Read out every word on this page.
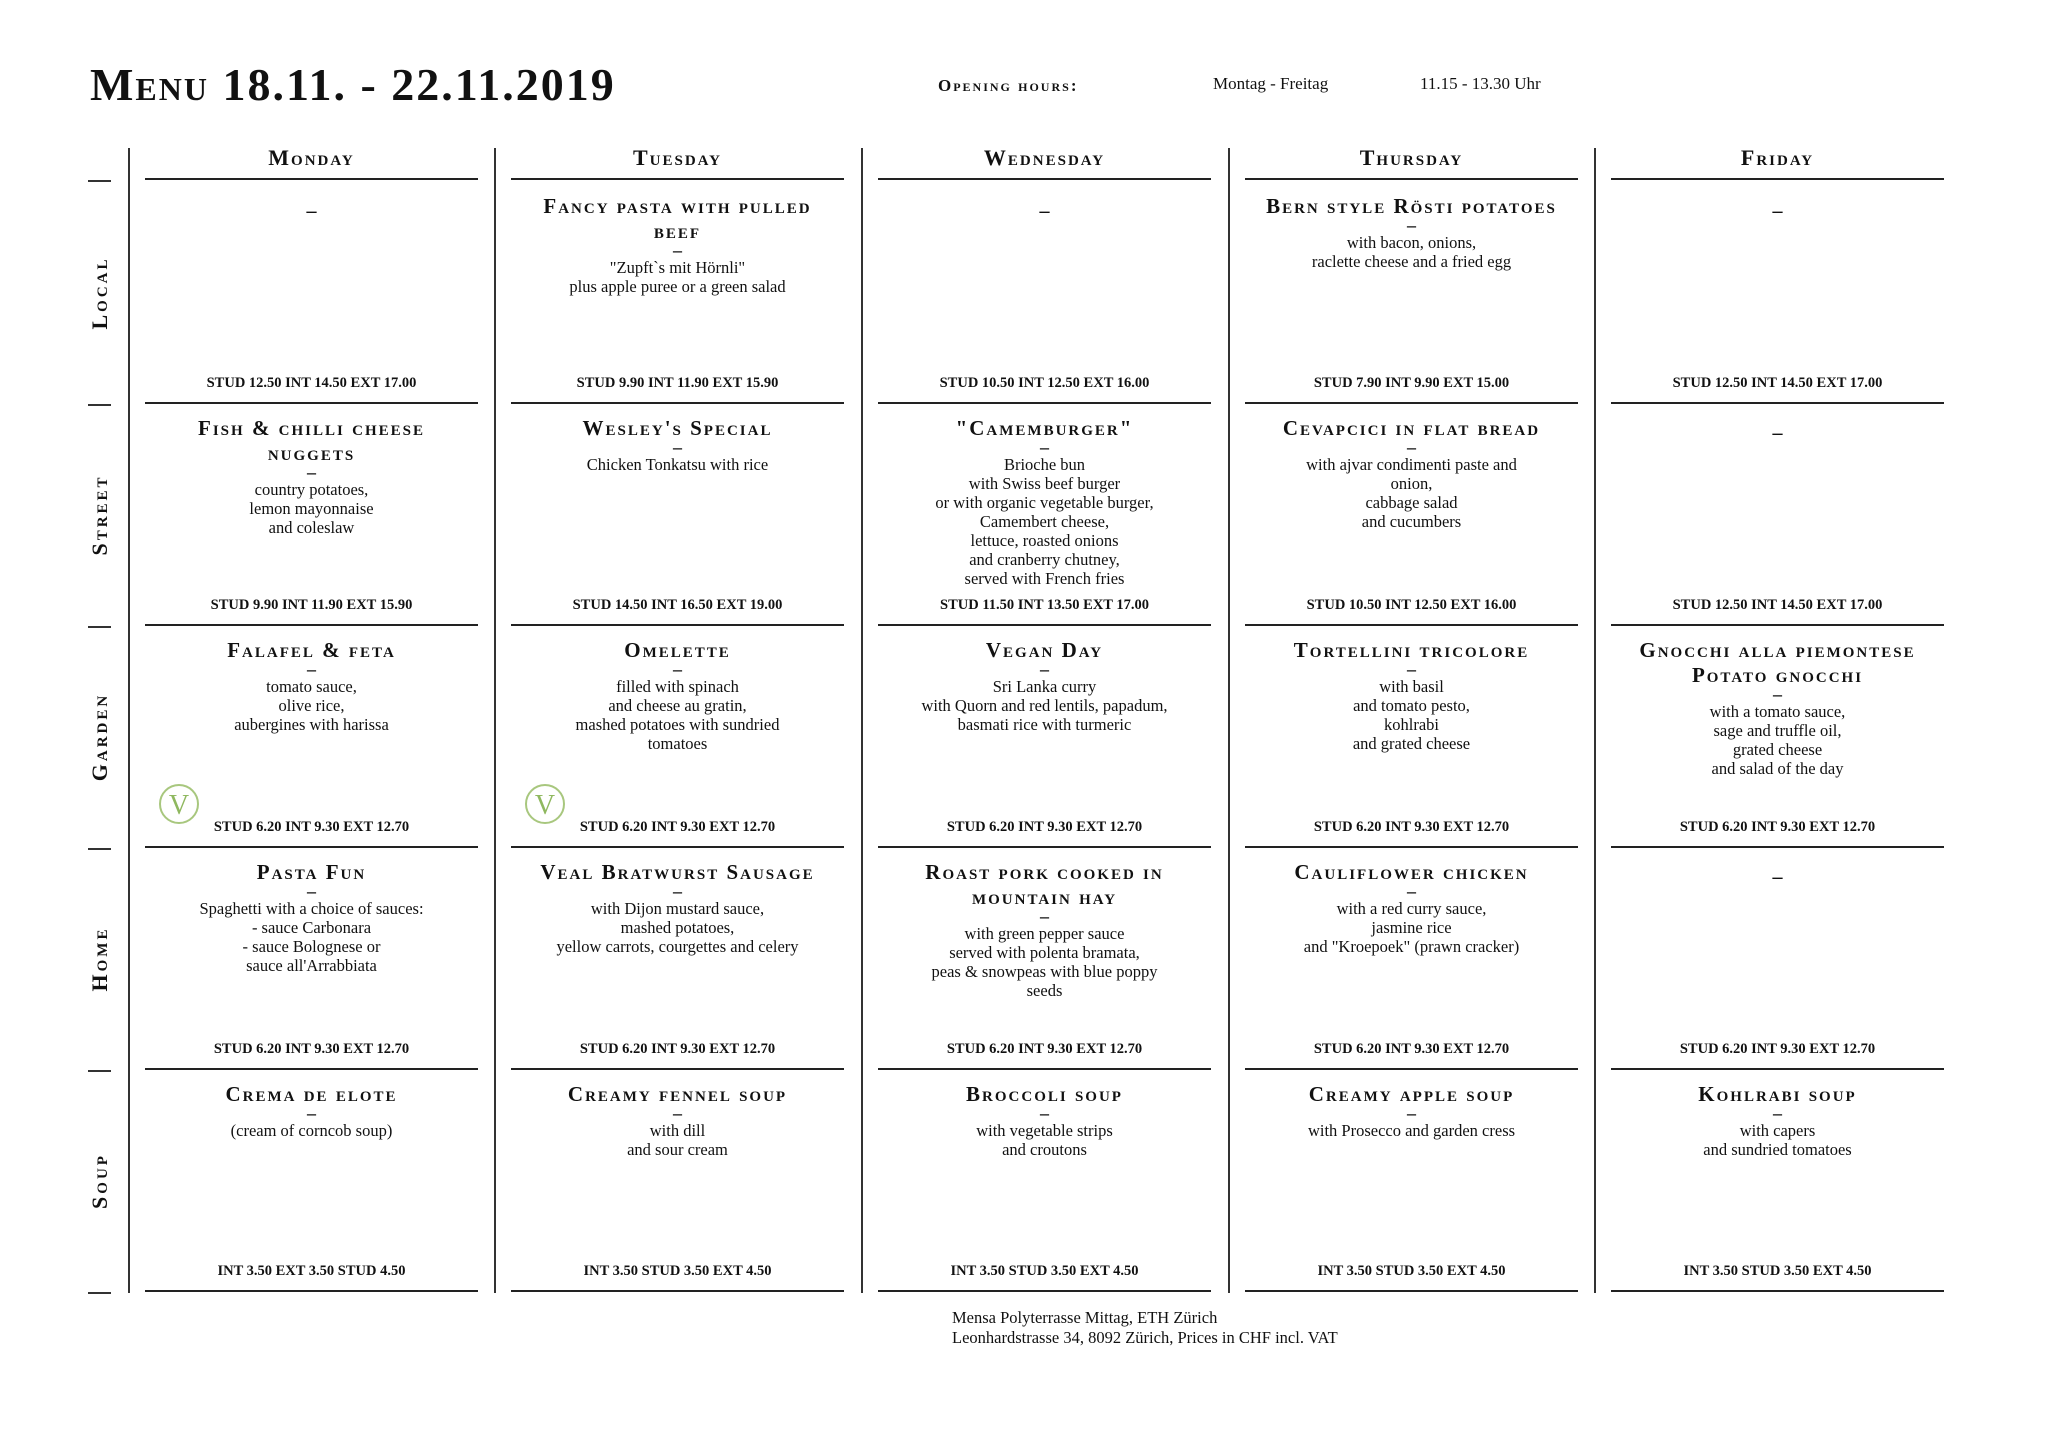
Menu 18.11. - 22.11.2019	Opening hours:	Montag - Freitag	11.15 - 13.30 Uhr
Monday	Tuesday	Wednesday	Thursday	Friday
Local
–
STUD 12.50 INT 14.50 EXT 17.00
Fancy pasta with pulled beef
–
"Zupft`s mit Hörnli"
plus apple puree or a green salad
STUD 9.90 INT 11.90 EXT 15.90
–
STUD 10.50 INT 12.50 EXT 16.00
Bern style Rösti potatoes
–
with bacon, onions,
raclette cheese and a fried egg
STUD 7.90 INT 9.90 EXT 15.00
–
STUD 12.50 INT 14.50 EXT 17.00
Street
Fish & chilli cheese nuggets
–
country potatoes,
lemon mayonnaise
and coleslaw
STUD 9.90 INT 11.90 EXT 15.90
Wesley's Special
–
Chicken Tonkatsu with rice
STUD 14.50 INT 16.50 EXT 19.00
"Camemburger"
–
Brioche bun
with Swiss beef burger
or with organic vegetable burger,
Camembert cheese,
lettuce, roasted onions
and cranberry chutney,
served with French fries
STUD 11.50 INT 13.50 EXT 17.00
Cevapcici in flat bread
–
with ajvar condimenti paste and
onion,
cabbage salad
and cucumbers
STUD 10.50 INT 12.50 EXT 16.00
–
STUD 12.50 INT 14.50 EXT 17.00
Garden
Falafel & feta
–
tomato sauce,
olive rice,
aubergines with harissa
V
STUD 6.20 INT 9.30 EXT 12.70
Omelette
–
filled with spinach
and cheese au gratin,
mashed potatoes with sundried
tomatoes
V
STUD 6.20 INT 9.30 EXT 12.70
Vegan Day
–
Sri Lanka curry
with Quorn and red lentils, papadum,
basmati rice with turmeric
STUD 6.20 INT 9.30 EXT 12.70
Tortellini tricolore
–
with basil
and tomato pesto,
kohlrabi
and grated cheese
STUD 6.20 INT 9.30 EXT 12.70
Gnocchi alla piemontese Potato gnocchi
–
with a tomato sauce,
sage and truffle oil,
grated cheese
and salad of the day
STUD 6.20 INT 9.30 EXT 12.70
Home
Pasta Fun
–
Spaghetti with a choice of sauces:
- sauce Carbonara
- sauce Bolognese or
sauce all'Arrabbiata
STUD 6.20 INT 9.30 EXT 12.70
Veal Bratwurst Sausage
–
with Dijon mustard sauce,
mashed potatoes,
yellow carrots, courgettes and celery
STUD 6.20 INT 9.30 EXT 12.70
Roast pork cooked in mountain hay
–
with green pepper sauce
served with polenta bramata,
peas & snowpeas with blue poppy
seeds
STUD 6.20 INT 9.30 EXT 12.70
Cauliflower chicken
–
with a red curry sauce,
jasmine rice
and "Kroepoek" (prawn cracker)
STUD 6.20 INT 9.30 EXT 12.70
–
STUD 6.20 INT 9.30 EXT 12.70
Soup
Crema de elote
–
(cream of corncob soup)
INT 3.50 EXT 3.50 STUD 4.50
Creamy fennel soup
–
with dill
and sour cream
INT 3.50 STUD 3.50 EXT 4.50
Broccoli soup
–
with vegetable strips
and croutons
INT 3.50 STUD 3.50 EXT 4.50
Creamy apple soup
–
with Prosecco and garden cress
INT 3.50 STUD 3.50 EXT 4.50
Kohlrabi soup
–
with capers
and sundried tomatoes
INT 3.50 STUD 3.50 EXT 4.50
Mensa Polyterrasse Mittag, ETH Zürich
Leonhardstrasse 34, 8092 Zürich, Prices in CHF incl. VAT
